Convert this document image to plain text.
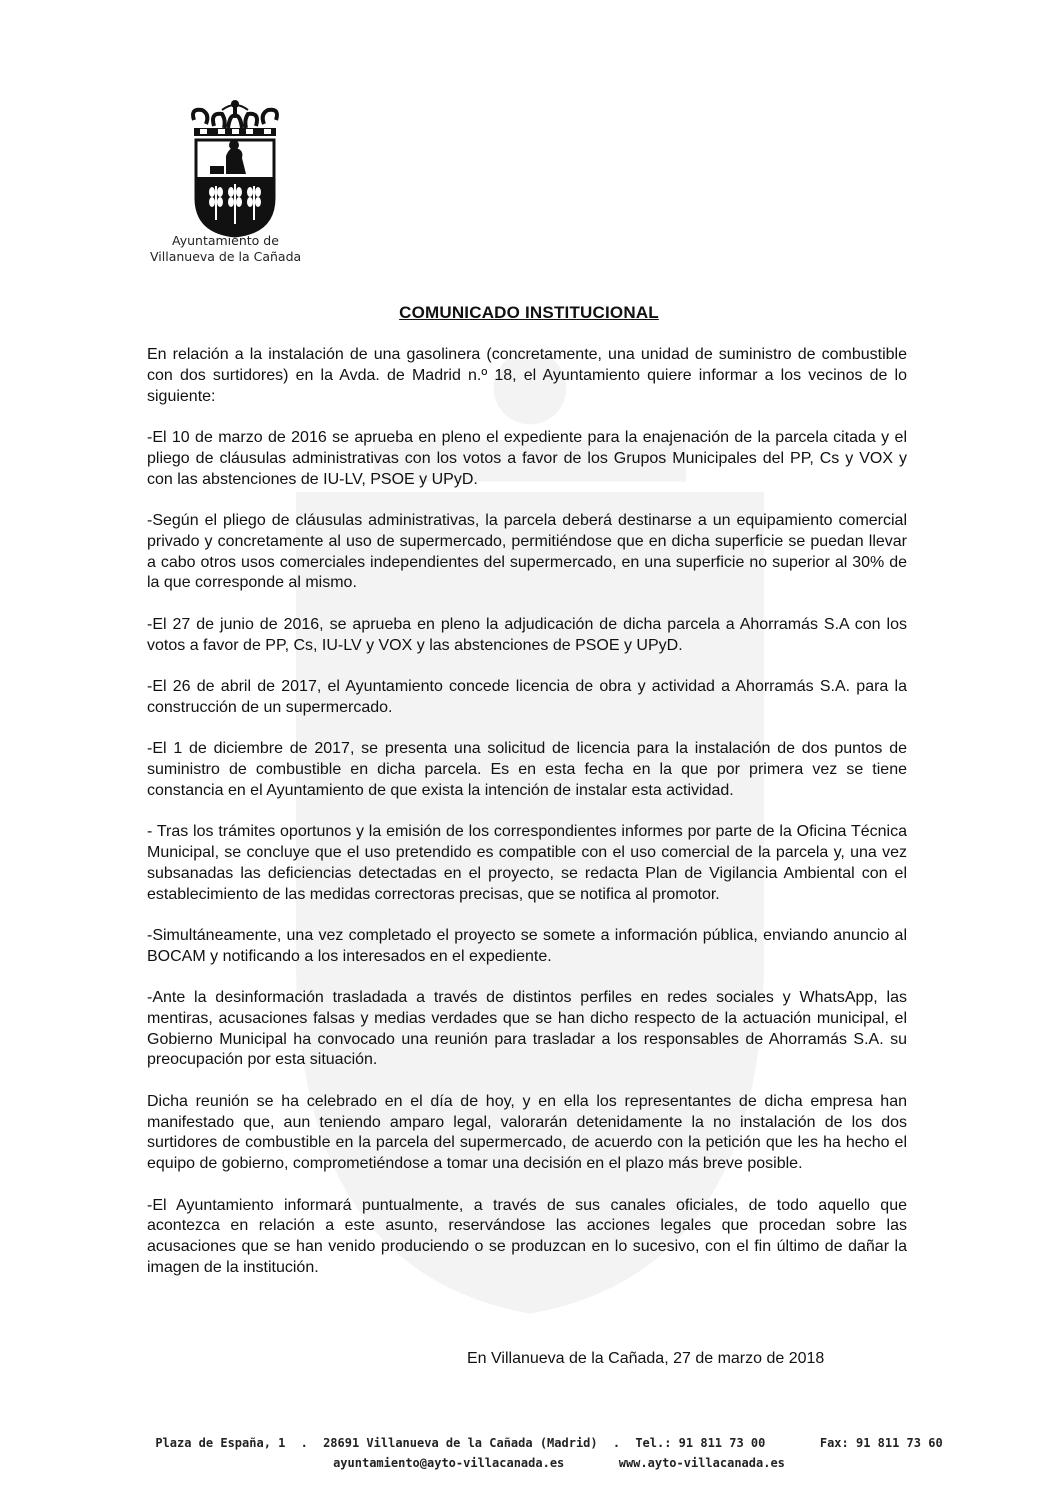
Ayuntamiento de
Villanueva de la Cañada
COMUNICADO INSTITUCIONAL

En relación a la instalación de una gasolinera (concretamente, una unidad de suministro de combustible con dos surtidores) en la Avda. de Madrid n.º 18, el Ayuntamiento quiere informar a los vecinos de lo siguiente:

-El 10 de marzo de 2016 se aprueba en pleno el expediente para la enajenación de la parcela citada y el pliego de cláusulas administrativas con los votos a favor de los Grupos Municipales del PP, Cs y VOX y con las abstenciones de IU-LV, PSOE y UPyD.

-Según el pliego de cláusulas administrativas, la parcela deberá destinarse a un equipamiento comercial privado y concretamente al uso de supermercado, permitiéndose que en dicha superficie se puedan llevar a cabo otros usos comerciales independientes del supermercado, en una superficie no superior al 30% de la que corresponde al mismo.

-El 27 de junio de 2016, se aprueba en pleno la adjudicación de dicha parcela a Ahorramás S.A con los votos a favor de PP, Cs, IU-LV y VOX y las abstenciones de PSOE y UPyD.

-El 26 de abril de 2017, el Ayuntamiento concede licencia de obra y actividad a Ahorramás S.A. para la construcción de un supermercado.

-El 1 de diciembre de 2017, se presenta una solicitud de licencia para la instalación de dos puntos de suministro de combustible en dicha parcela. Es en esta fecha en la que por primera vez se tiene constancia en el Ayuntamiento de que exista la intención de instalar esta actividad.

- Tras los trámites oportunos y la emisión de los correspondientes informes por parte de la Oficina Técnica Municipal, se concluye que el uso pretendido es compatible con el uso comercial de la parcela y, una vez subsanadas las deficiencias detectadas en el proyecto, se redacta Plan de Vigilancia Ambiental con el establecimiento de las medidas correctoras precisas, que se notifica al promotor.

-Simultáneamente, una vez completado el proyecto se somete a información pública, enviando anuncio al BOCAM y notificando a los interesados en el expediente.

-Ante la desinformación trasladada a través de distintos perfiles en redes sociales y WhatsApp, las mentiras, acusaciones falsas y medias verdades que se han dicho respecto de la actuación municipal, el Gobierno Municipal ha convocado una reunión para trasladar a los responsables de Ahorramás S.A. su preocupación por esta situación.

Dicha reunión se ha celebrado en el día de hoy, y en ella los representantes de dicha empresa han manifestado que, aun teniendo amparo legal, valorarán detenidamente la no instalación de los dos surtidores de combustible en la parcela del supermercado, de acuerdo con la petición que les ha hecho el equipo de gobierno, comprometiéndose a tomar una decisión en el plazo más breve posible.

-El Ayuntamiento informará puntualmente, a través de sus canales oficiales, de todo aquello que acontezca en relación a este asunto, reservándose las acciones legales que procedan sobre las acusaciones que se han venido produciendo o se produzcan en lo sucesivo, con el fin último de dañar la imagen de la institución.

En Villanueva de la Cañada, 27 de marzo de 2018
Plaza de España, 1 . 28691 Villanueva de la Cañada (Madrid) . Tel.: 91 811 73 00	Fax: 91 811 73 60
ayuntamiento@ayto-villacanada.es	www.ayto-villacanada.es
